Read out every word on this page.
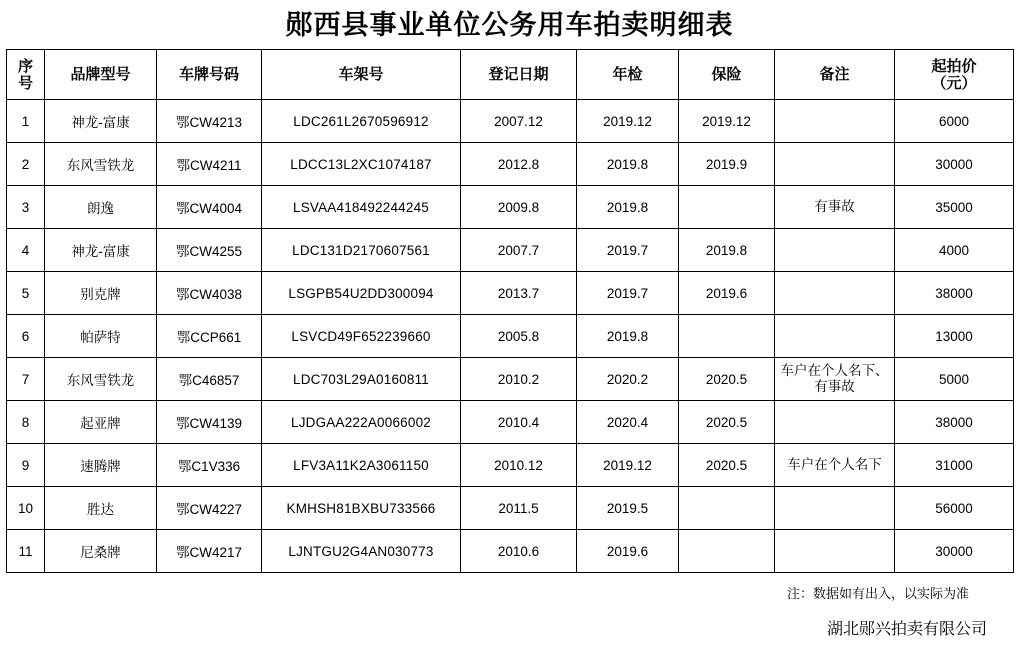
郧西县事业单位公务用车拍卖明细表
序
号	品牌型号	车牌号码	车架号	登记日期	年检	保险	备注	起拍价
（元）

1	神龙-富康	鄂CW4213	LDC261L2670596912	2007.12	2019.12	2019.12		6000
2	东风雪铁龙	鄂CW4211	LDCC13L2XC1074187	2012.8	2019.8	2019.9		30000
3	朗逸	鄂CW4004	LSVAA418492244245	2009.8	2019.8		有事故	35000
4	神龙-富康	鄂CW4255	LDC131D2170607561	2007.7	2019.7	2019.8		4000
5	别克牌	鄂CW4038	LSGPB54U2DD300094	2013.7	2019.7	2019.6		38000
6	帕萨特	鄂CCP661	LSVCD49F652239660	2005.8	2019.8			13000
7	东风雪铁龙	鄂C46857	LDC703L29A0160811	2010.2	2020.2	2020.5	车户在个人名下、有事故	5000
8	起亚牌	鄂CW4139	LJDGAA222A0066002	2010.4	2020.4	2020.5		38000
9	速腾牌	鄂C1V336	LFV3A11K2A3061150	2010.12	2019.12	2020.5	车户在个人名下	31000
10	胜达	鄂CW4227	KMHSH81BXBU733566	2011.5	2019.5			56000
11	尼桑牌	鄂CW4217	LJNTGU2G4AN030773	2010.6	2019.6			30000
注：数据如有出入，以实际为准
湖北郧兴拍卖有限公司
